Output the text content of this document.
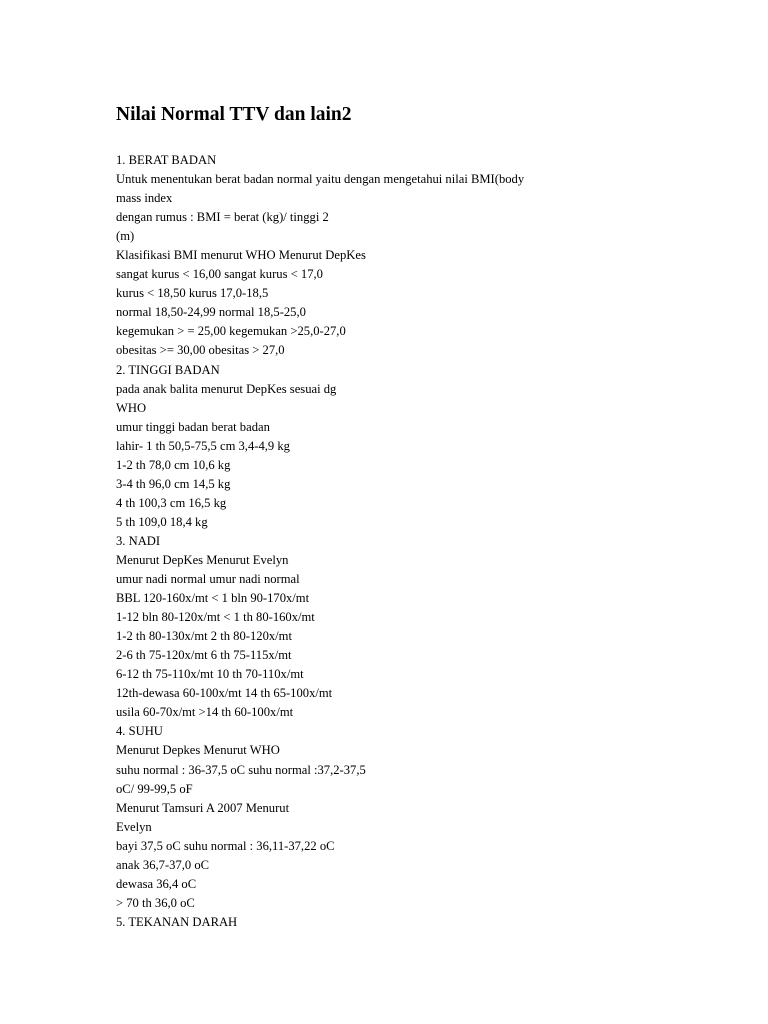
Nilai Normal TTV dan lain2
1. BERAT BADAN
Untuk menentukan berat badan normal yaitu dengan mengetahui nilai BMI(body
mass index
dengan rumus : BMI = berat (kg)/ tinggi 2
(m)
Klasifikasi BMI menurut WHO Menurut DepKes
sangat kurus < 16,00 sangat kurus < 17,0
kurus < 18,50 kurus 17,0-18,5
normal 18,50-24,99 normal 18,5-25,0
kegemukan > = 25,00 kegemukan >25,0-27,0
obesitas >= 30,00 obesitas > 27,0
2. TINGGI BADAN
pada anak balita menurut DepKes sesuai dg
WHO
umur tinggi badan berat badan
lahir- 1 th 50,5-75,5 cm 3,4-4,9 kg
1-2 th 78,0 cm 10,6 kg
3-4 th 96,0 cm 14,5 kg
4 th 100,3 cm 16,5 kg
5 th 109,0 18,4 kg
3. NADI
Menurut DepKes Menurut Evelyn
umur nadi normal umur nadi normal
BBL 120-160x/mt < 1 bln 90-170x/mt
1-12 bln 80-120x/mt < 1 th 80-160x/mt
1-2 th 80-130x/mt 2 th 80-120x/mt
2-6 th 75-120x/mt 6 th 75-115x/mt
6-12 th 75-110x/mt 10 th 70-110x/mt
12th-dewasa 60-100x/mt 14 th 65-100x/mt
usila 60-70x/mt >14 th 60-100x/mt
4. SUHU
Menurut Depkes Menurut WHO
suhu normal : 36-37,5 oC suhu normal :37,2-37,5
oC/ 99-99,5 oF
Menurut Tamsuri A 2007 Menurut
Evelyn
bayi 37,5 oC suhu normal : 36,11-37,22 oC
anak 36,7-37,0 oC
dewasa 36,4 oC
> 70 th 36,0 oC
5. TEKANAN DARAH
